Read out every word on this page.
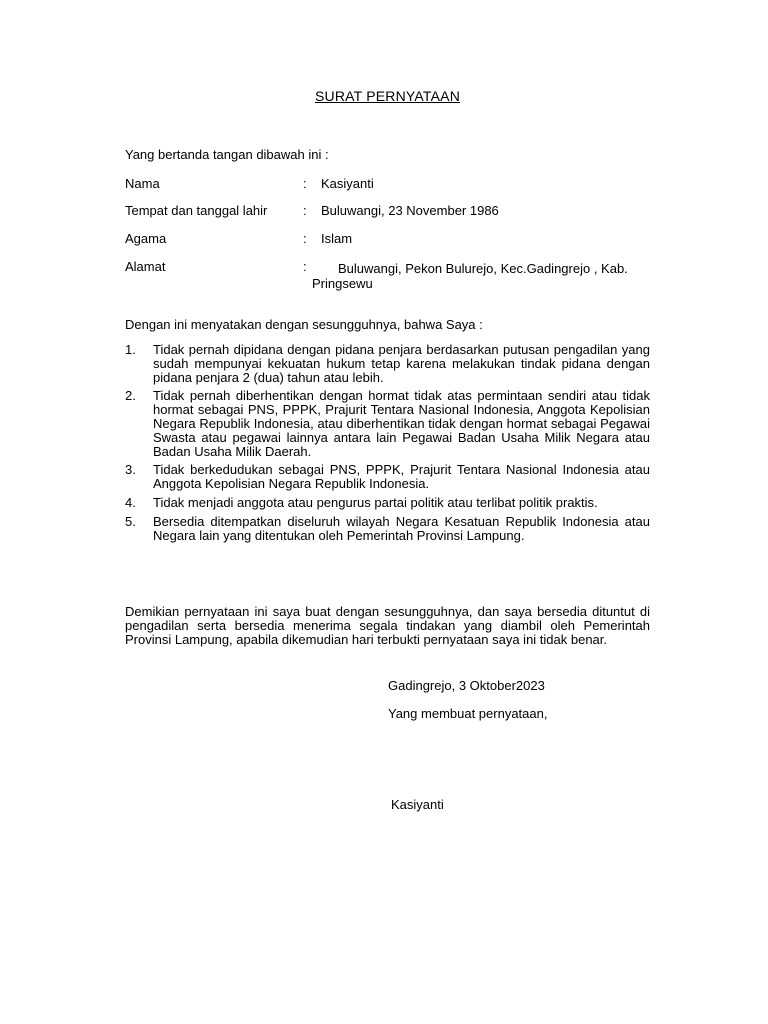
SURAT PERNYATAAN
Yang bertanda tangan dibawah ini :
Nama	: Kasiyanti
Tempat dan tanggal lahir	: Buluwangi, 23 November 1986
Agama	: Islam
Alamat	:	Buluwangi, Pekon Bulurejo, Kec.Gadingrejo , Kab.
Pringsewu
Dengan ini menyatakan dengan sesungguhnya, bahwa Saya :
1.	Tidak pernah dipidana dengan pidana penjara berdasarkan putusan pengadilan yang sudah mempunyai kekuatan hukum tetap karena melakukan tindak pidana dengan pidana penjara 2 (dua) tahun atau lebih.
2.	Tidak pernah diberhentikan dengan hormat tidak atas permintaan sendiri atau tidak hormat sebagai PNS, PPPK, Prajurit Tentara Nasional Indonesia, Anggota Kepolisian Negara Republik Indonesia, atau diberhentikan tidak dengan hormat sebagai Pegawai Swasta atau pegawai lainnya antara lain Pegawai Badan Usaha Milik Negara atau Badan Usaha Milik Daerah.
3.	Tidak berkedudukan sebagai PNS, PPPK, Prajurit Tentara Nasional Indonesia atau Anggota Kepolisian Negara Republik Indonesia.
4.	Tidak menjadi anggota atau pengurus partai politik atau terlibat politik praktis.
5.	Bersedia ditempatkan diseluruh wilayah Negara Kesatuan Republik Indonesia atau Negara lain yang ditentukan oleh Pemerintah Provinsi Lampung.
Demikian pernyataan ini saya buat dengan sesungguhnya, dan saya bersedia dituntut di pengadilan serta bersedia menerima segala tindakan yang diambil oleh Pemerintah Provinsi Lampung, apabila dikemudian hari terbukti pernyataan saya ini tidak benar.
Gadingrejo, 3 Oktober2023
Yang membuat pernyataan,
Kasiyanti
